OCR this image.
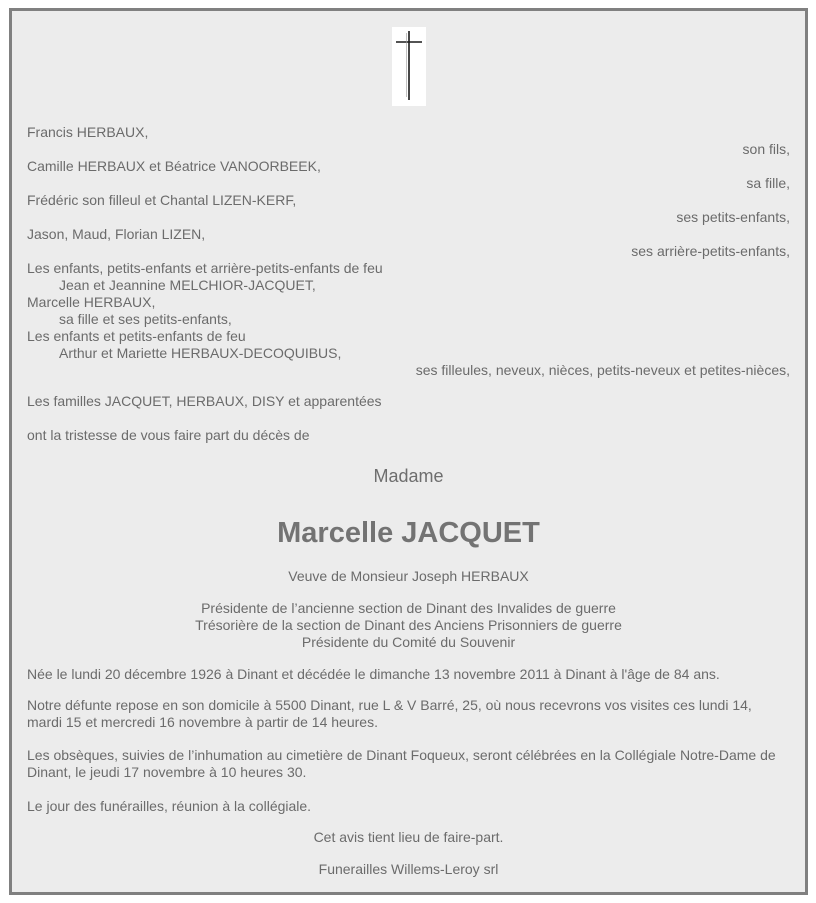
Francis HERBAUX,
son fils,
Camille HERBAUX et Béatrice VANOORBEEK,
sa fille,
Frédéric son filleul et Chantal LIZEN-KERF,
ses petits-enfants,
Jason, Maud, Florian LIZEN,
ses arrière-petits-enfants,
Les enfants, petits-enfants et arrière-petits-enfants de feu
Jean et Jeannine MELCHIOR-JACQUET,
Marcelle HERBAUX,
sa fille et ses petits-enfants,
Les enfants et petits-enfants de feu
Arthur et Mariette HERBAUX-DECOQUIBUS,
ses filleules, neveux, nièces, petits-neveux et petites-nièces,
Les familles JACQUET, HERBAUX, DISY et apparentées
ont la tristesse de vous faire part du décès de
Madame
Marcelle JACQUET
Veuve de Monsieur Joseph HERBAUX
Présidente de l’ancienne section de Dinant des Invalides de guerre
Trésorière de la section de Dinant des Anciens Prisonniers de guerre
Présidente du Comité du Souvenir
Née le lundi 20 décembre 1926 à Dinant et décédée le dimanche 13 novembre 2011 à Dinant à l'âge de 84 ans.
Notre défunte repose en son domicile à 5500 Dinant, rue L & V Barré, 25, où nous recevrons vos visites ces lundi 14, mardi 15 et mercredi 16 novembre à partir de 14 heures.
Les obsèques, suivies de l’inhumation au cimetière de Dinant Foqueux, seront célébrées en la Collégiale Notre-Dame de Dinant, le jeudi 17 novembre à 10 heures 30.
Le jour des funérailles, réunion à la collégiale.
Cet avis tient lieu de faire-part.
Funerailles Willems-Leroy srl
